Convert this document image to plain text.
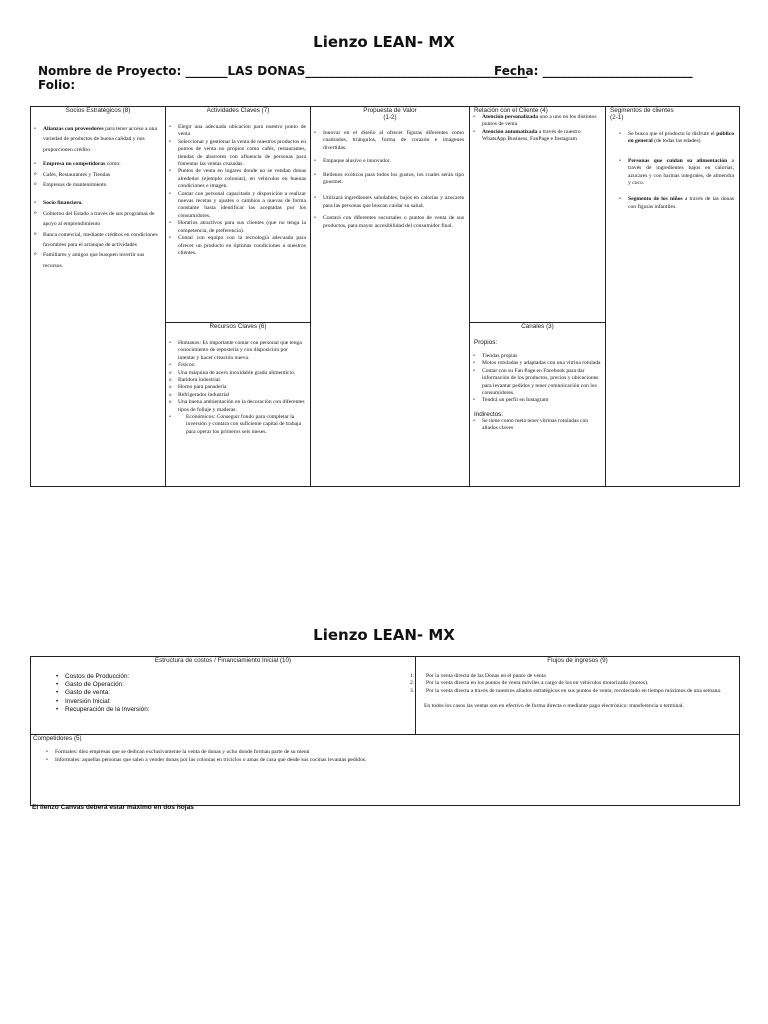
Lienzo LEAN- MX
Nombre de Proyecto: _______LAS DONAS_____________________________________
Fecha: _________________________
Folio:
Socios Estratégicos (8)
• Alianzas con proveedores para tener acceso a una variedad de productos de buena calidad y nos proporcionen crédito
• Empresa no competidoras como:
o Cafés, Restaurantes y Tiendas
o Empresas de mantenimiento
• Socio financiero.
o Gobierno del Estado a través de sus programas de apoyo al emprendimiento
o Banca comercial, mediante créditos en condiciones favorables para el arranque de actividades
o Familiares y amigos que busquen invertir sus recursos.
Actividades Claves (7)
• Elegir una adecuada ubicación para nuestro punto de venta
• Seleccionar y gestionar la venta de nuestros productos en puntos de venta no propios como cafés, restaurantes, tiendas de abarrotes con afluencia de personas para fomentar las ventas cruzadas.
• Puntos de venta en lugares donde no se vendan donas alrededor (ejemplo colonias), en vehículos en buenas condiciones e imagen.
• Contar con personal capacitado y disposición a realizar nuevas recetas y ajustes o cambios a nuevas de forma constante hasta identificar las aceptadas por los consumidores.
• Horarios atractivos para sus clientes (que no tenga la competencia, de preferencia).
• Contar con equipo con la tecnología adecuada para ofrecer un producto en óptimas condiciones a nuestros clientes.
Recursos Claves (6)
• Humanos: Es importante contar con personal que tenga conocimiento de repostería y con disposición por intentar y hacer creación nueva.
• Físicos:
o Una máquina de acero inoxidable grado alimenticio.
o Batidora industrial.
o Horno para panadería
o Refrigerador industrial
o Una buena ambientación en la decoración con diferentes tipos de follaje y maderas.
• Económicos: Conseguir fondo para completar la inversión y contara con suficiente capital de trabaja para operar los primeros seis meses.
Propuesta de Valor
(1-2)
• Innovar en el diseño al ofrecer figuras diferentes como cuadrados, triángulos, forma de corazón e imágenes divertidas.
• Empaque alusivo e innovador.
• Rellenos exóticos para todos los gustos, los cuales serán tipo gourmet.
• Utilizará ingredientes saludables, bajos en calorías y azucares para las personas que buscan cuidar su salud.
• Contará con diferentes sucursales o puntos de venta de sus productos, para mayor accesibilidad del consumidor final.
Relación con el Cliente (4)
• Atención personalizada uno a uno en los distintos puntos de venta
• Atención automatizada a través de nuestro WhatsApp Business, FanPage e Instagram
Canales (3)
Propios:
• Tiendas propias
• Motos rotuladas y adaptadas con una vitrina rotulada
• Contar con su Fan Page en Facebook para dar información de los productos, precios y ubicaciones para levantar pedidos y tener comunicación con los consumidores.
• Tendrá un perfil en Instagram
Indirectos:
• Se tiene como meta tener vitrinas rotuladas con aliados claves
Segmentos de clientes
(2-1)
• Se busca que el producto lo disfrute el público en general (de todas las edades)
• Personas que cuidan su alimentación a través de ingredientes bajos en calorías, azucares y con harinas integrales, de almendra y coco.
• Segmento de los niños a través de las donas con figuras infantiles.
Lienzo LEAN- MX
Estructura de costos / Financiamiento Inicial (10)
• Costos de Producción:
• Gasto de Operación:
• Gasto de venta:
• Inversión Inicial:
• Recuperación de la Inversión:
Flujos de ingresos (9)
1. Por la venta directa de las Donas en el punto de venta
2. Por la venta directa en los puntos de venta móviles a cargo de los en vehículos motorizado (motos).
3. Por la venta directa a través de nuestros aliados estratégicos en sus puntos de venta, recolectado en tiempo máximos de una semana.
En todos los casos las ventas son en efectivo de forma directa o mediante pago electrónico: transferencia o terminal.
Competidores (5)
• Formales: diez empresas que se dedican exclusivamente la venta de donas y ocho donde forman parte de su menú
• Informales: aquellas personas que salen a vender donas por las colonias en triciclos o amas de casa que desde sus cocinas levantas pedidos.
El lienzo Canvas deberá estar máximo en dos hojas
